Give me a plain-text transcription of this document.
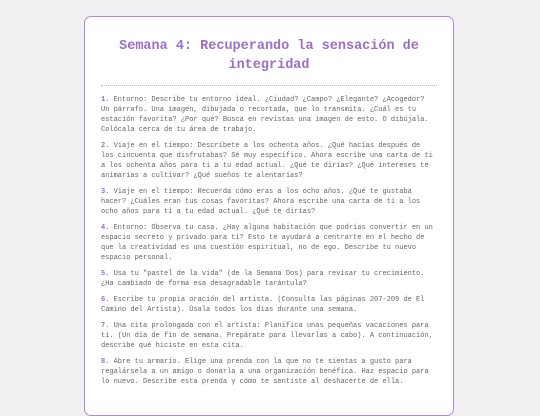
Semana 4: Recuperando la sensación de integridad

1. Entorno: Describe tu entorno ideal. ¿Ciudad? ¿Campo? ¿Elegante? ¿Acogedor? Un párrafo. Una imagen, dibujada o recortada, que lo transmita. ¿Cuál es tu estación favorita? ¿Por qué? Busca en revistas una imagen de esto. O dibújala. Colócala cerca de tu área de trabajo.

2. Viaje en el tiempo: Descríbete a los ochenta años. ¿Qué hacías después de los cincuenta que disfrutabas? Sé muy específico. Ahora escribe una carta de ti a los ochenta años para ti a tu edad actual. ¿Qué te dirías? ¿Qué intereses te animarías a cultivar? ¿Qué sueños te alentarías?

3. Viaje en el tiempo: Recuerda cómo eras a los ocho años. ¿Qué te gustaba hacer? ¿Cuáles eran tus cosas favoritas? Ahora escribe una carta de ti a los ocho años para ti a tu edad actual. ¿Qué te dirías?

4. Entorno: Observa tu casa. ¿Hay alguna habitación que podrías convertir en un espacio secreto y privado para ti? Esto te ayudará a centrarte en el hecho de que la creatividad es una cuestión espiritual, no de ego. Describe tu nuevo espacio personal.

5. Usa tu "pastel de la vida" (de la Semana Dos) para revisar tu crecimiento. ¿Ha cambiado de forma esa desagradable tarántula?

6. Escribe tu propia oración del artista. (Consulta las páginas 207-209 de El Camino del Artista). Úsala todos los días durante una semana.

7. Una cita prolongada con el artista: Planifica unas pequeñas vacaciones para ti. (Un día de fin de semana. Prepárate para llevarlas a cabo). A continuación, describe qué hiciste en esta cita.

8. Abre tu armario. Elige una prenda con la que no te sientas a gusto para regalársela a un amigo o donarla a una organización benéfica. Haz espacio para lo nuevo. Describe esta prenda y cómo te sentiste al deshacerte de ella.
